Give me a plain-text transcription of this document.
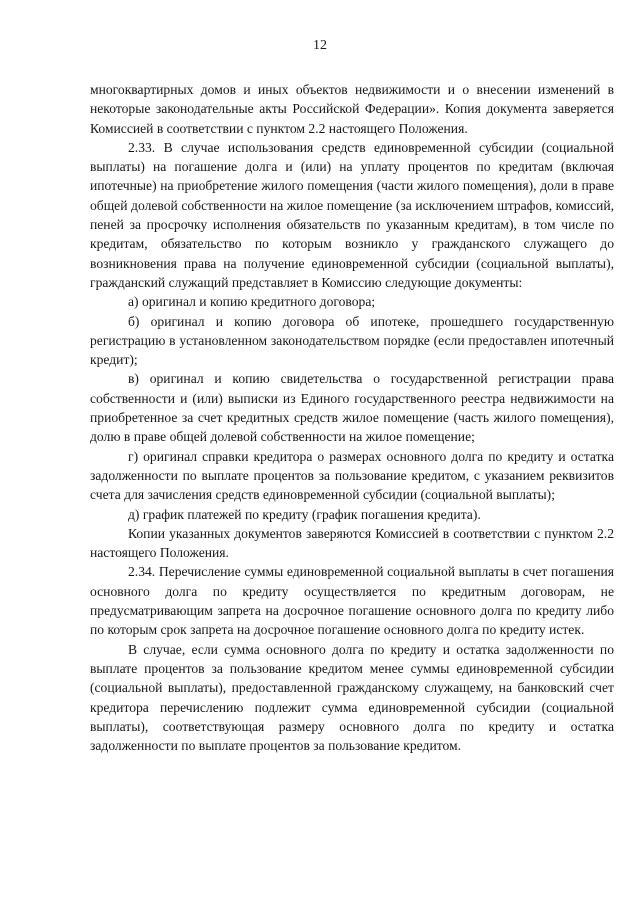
12

многоквартирных домов и иных объектов недвижимости и о внесении изменений в некоторые законодательные акты Российской Федерации». Копия документа заверяется Комиссией в соответствии с пунктом 2.2 настоящего Положения.

2.33. В случае использования средств единовременной субсидии (социальной выплаты) на погашение долга и (или) на уплату процентов по кредитам (включая ипотечные) на приобретение жилого помещения (части жилого помещения), доли в праве общей долевой собственности на жилое помещение (за исключением штрафов, комиссий, пеней за просрочку исполнения обязательств по указанным кредитам), в том числе по кредитам, обязательство по которым возникло у гражданского служащего до возникновения права на получение единовременной субсидии (социальной выплаты), гражданский служащий представляет в Комиссию следующие документы:

а) оригинал и копию кредитного договора;

б) оригинал и копию договора об ипотеке, прошедшего государственную регистрацию в установленном законодательством порядке (если предоставлен ипотечный кредит);

в) оригинал и копию свидетельства о государственной регистрации права собственности и (или) выписки из Единого государственного реестра недвижимости на приобретенное за счет кредитных средств жилое помещение (часть жилого помещения), долю в праве общей долевой собственности на жилое помещение;

г) оригинал справки кредитора о размерах основного долга по кредиту и остатка задолженности по выплате процентов за пользование кредитом, с указанием реквизитов счета для зачисления средств единовременной субсидии (социальной выплаты);

д) график платежей по кредиту (график погашения кредита).

Копии указанных документов заверяются Комиссией в соответствии с пунктом 2.2 настоящего Положения.

2.34. Перечисление суммы единовременной социальной выплаты в счет погашения основного долга по кредиту осуществляется по кредитным договорам, не предусматривающим запрета на досрочное погашение основного долга по кредиту либо по которым срок запрета на досрочное погашение основного долга по кредиту истек.

В случае, если сумма основного долга по кредиту и остатка задолженности по выплате процентов за пользование кредитом менее суммы единовременной субсидии (социальной выплаты), предоставленной гражданскому служащему, на банковский счет кредитора перечислению подлежит сумма единовременной субсидии (социальной выплаты), соответствующая размеру основного долга по кредиту и остатка задолженности по выплате процентов за пользование кредитом.
